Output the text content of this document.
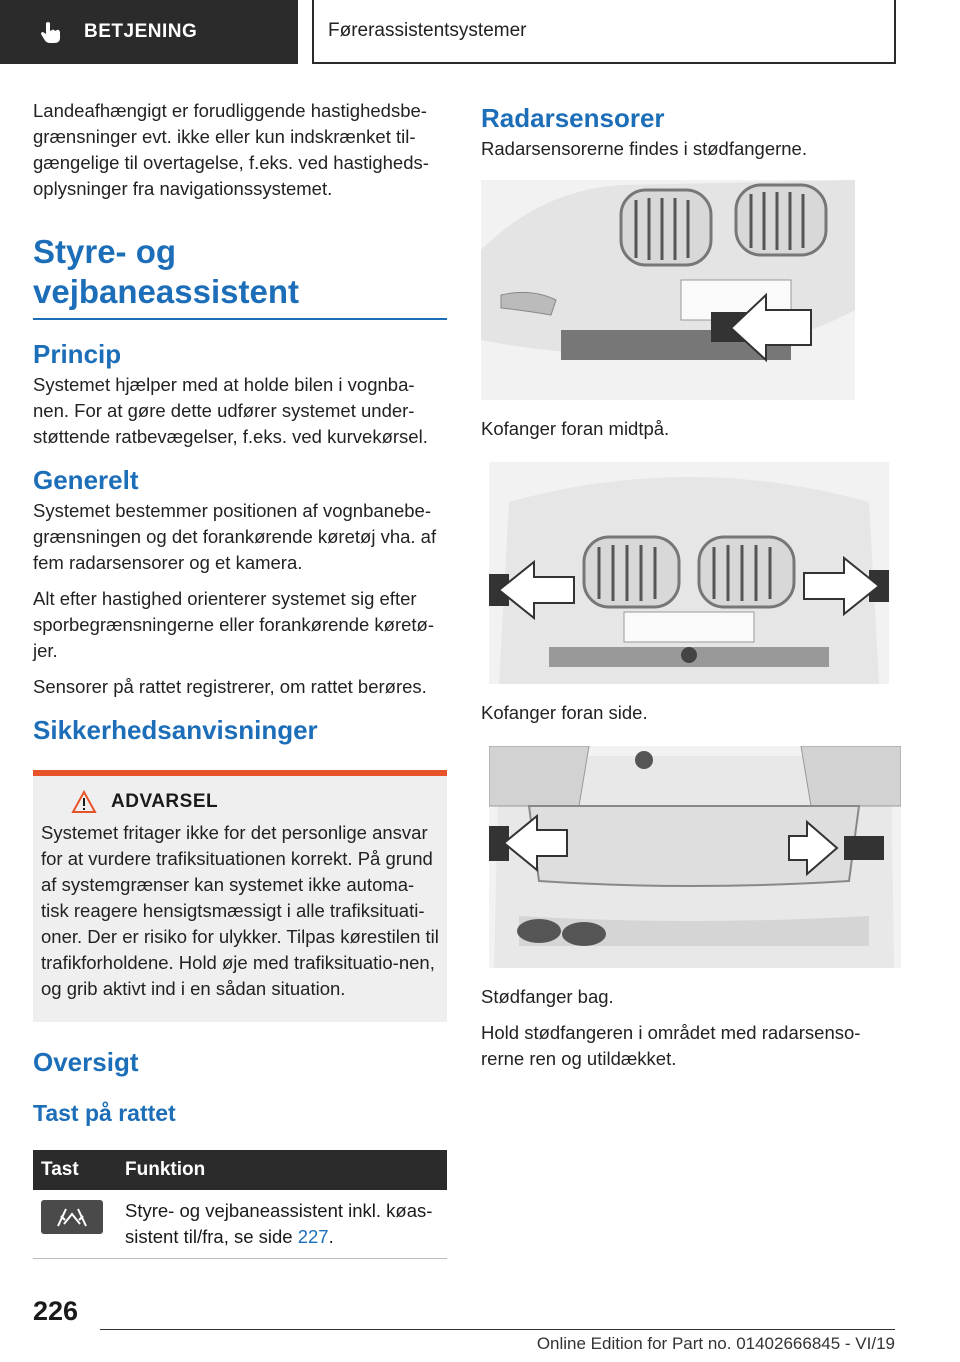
BETJENING	Førerassistentsystemer

Landeafhængigt er forudliggende hastighedsbe-grænsninger evt. ikke eller kun indskrænket til-gængelige til overtagelse, f.eks. ved hastigheds-oplysninger fra navigationssystemet.

Styre- og vejbaneassistent
Princip

Systemet hjælper med at holde bilen i vognba-nen. For at gøre dette udfører systemet under-støttende ratbevægelser, f.eks. ved kurvekørsel.

Generelt

Systemet bestemmer positionen af vognbanebe-grænsningen og det forankørende køretøj vha. af fem radarsensorer og et kamera.

Alt efter hastighed orienterer systemet sig efter sporbegrænsningerne eller forankørende køretø-jer.

Sensorer på rattet registrerer, om rattet berøres.

Sikkerhedsanvisninger
ADVARSEL

Systemet fritager ikke for det personlige ansvar for at vurdere trafiksituationen korrekt. På grund af systemgrænser kan systemet ikke automa-tisk reagere hensigtsmæssigt i alle trafiksituati-oner. Der er risiko for ulykker. Tilpas kørestilen til trafikforholdene. Hold øje med trafiksituatio-nen, og grib aktivt ind i en sådan situation.

Oversigt
Tast på rattet
Tast	Funktion

	Styre- og vejbaneassistent inkl. køas-sistent til/fra, se side 227.
Radarsensorer

Radarsensorerne findes i stødfangerne.

Kofanger foran midtpå.

Kofanger foran side.

Stødfanger bag.

Hold stødfangeren i området med radarsenso-rerne ren og utildækket.

226
Online Edition for Part no. 01402666845 - VI/19
